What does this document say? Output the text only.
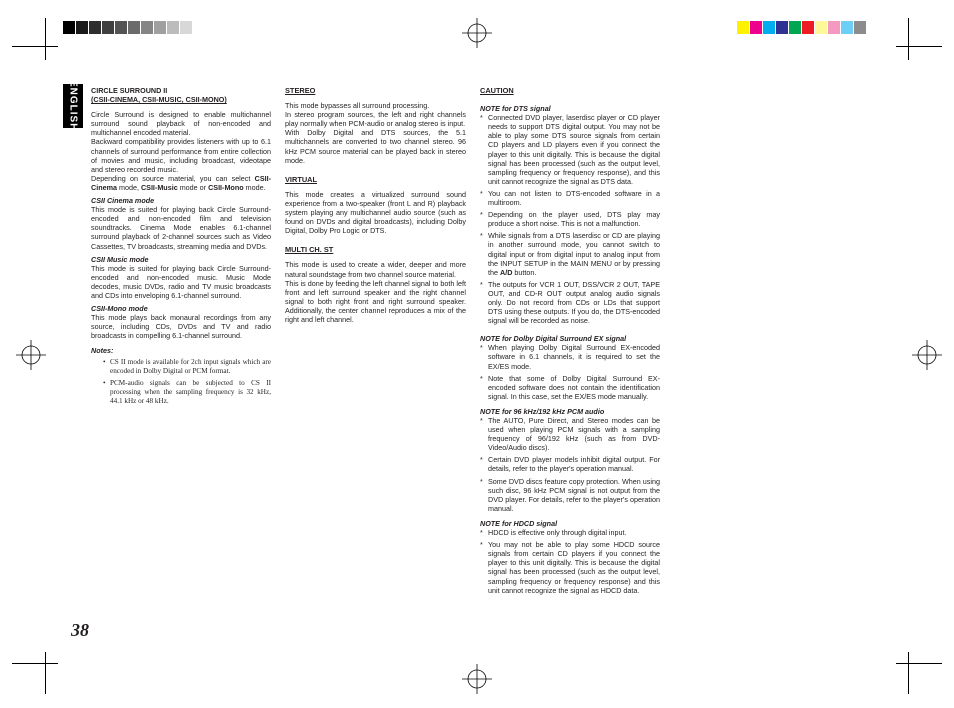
ENGLISH CIRCLE SURROUND II
(CSII-CINEMA, CSII-MUSIC, CSII-MONO)

Circle Surround is designed to enable multichannel surround sound playback of non-encoded and multichannel encoded material.

Backward compatibility provides listeners with up to 6.1 channels of surround performance from entire collection of movies and music, including broadcast, videotape and stereo recorded music.

Depending on source material, you can select CSII-Cinema mode, CSII-Music mode or CSII-Mono mode.

CSII Cinema mode

This mode is suited for playing back Circle Surround-encoded and non-encoded film and television soundtracks. Cinema Mode enables 6.1-channel surround playback of 2-channel sources such as Video Cassettes, TV broadcasts, streaming media and DVDs.

CSII Music mode

This mode is suited for playing back Circle Surround-encoded and non-encoded music. Music Mode decodes, music DVDs, radio and TV music broadcasts and CDs into enveloping 6.1-channel surround.

CSII-Mono mode

This mode plays back monaural recordings from any source, including CDs, DVDs and TV and radio broadcasts in compelling 6.1-channel surround.

Notes:
• CS II mode is available for 2ch input signals which are encoded in Dolby Digital or PCM format.
• PCM-audio signals can be subjected to CS II processing when the sampling frequency is 32 kHz, 44.1 kHz or 48 kHz.
STEREO

This mode bypasses all surround processing.

In stereo program sources, the left and right channels play normally when PCM-audio or analog stereo is input.

With Dolby Digital and DTS sources, the 5.1 multichannels are converted to two channel stereo. 96 kHz PCM source material can be played back in stereo mode.

VIRTUAL

This mode creates a virtualized surround sound experience from a two-speaker (front L and R) playback system playing any multichannel audio source (such as found on DVDs and digital broadcasts), including Dolby Digital, Dolby Pro Logic or DTS.

MULTI CH. ST

This mode is used to create a wider, deeper and more natural soundstage from two channel source material.

This is done by feeding the left channel signal to both left front and left surround speaker and the right channel signal to both right front and right surround speaker. Additionally, the center channel reproduces a mix of the right and left channel.

CAUTION
NOTE for DTS signal
* Connected DVD player, laserdisc player or CD player needs to support DTS digital output. You may not be able to play some DTS source signals from certain CD players and LD players even if you connect the player to this unit digitally. This is because the digital signal has been processed (such as the output level, sampling frequency or frequency response), and this unit cannot recognize the signal as DTS data.
* You can not listen to DTS-encoded software in a multiroom.
* Depending on the player used, DTS play may produce a short noise. This is not a malfunction.
* While signals from a DTS laserdisc or CD are playing in another surround mode, you cannot switch to digital input or from digital input to analog input from the INPUT SETUP in the MAIN MENU or by pressing the A/D button.
* The outputs for VCR 1 OUT, DSS/VCR 2 OUT, TAPE OUT, and CD-R OUT output analog audio signals only. Do not record from CDs or LDs that support DTS using these outputs. If you do, the DTS-encoded signal will be recorded as noise.
NOTE for Dolby Digital Surround EX signal
* When playing Dolby Digital Surround EX-encoded software in 6.1 channels, it is required to set the EX/ES mode.
* Note that some of Dolby Digital Surround EX-encoded software does not contain the identification signal. In this case, set the EX/ES mode manually.
NOTE for 96 kHz/192 kHz PCM audio
* The AUTO, Pure Direct, and Stereo modes can be used when playing PCM signals with a sampling frequency of 96/192 kHz (such as from DVD-Video/Audio discs).
* Certain DVD player models inhibit digital output. For details, refer to the player's operation manual.
* Some DVD discs feature copy protection. When using such disc, 96 kHz PCM signal is not output from the DVD player. For details, refer to the player's operation manual.
NOTE for HDCD signal
* HDCD is effective only through digital input.
* You may not be able to play some HDCD source signals from certain CD players if you connect the player to this unit digitally. This is because the digital signal has been processed (such as the output level, sampling frequency or frequency response) and this unit cannot recognize the signal as HDCD data.
38
